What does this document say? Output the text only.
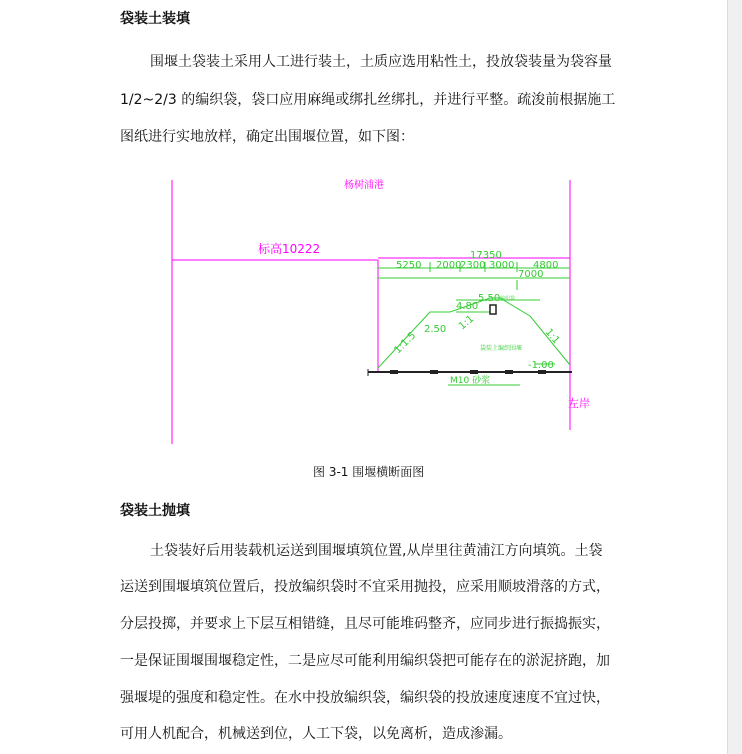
袋装土装填
围堰土袋装土采用人工进行装土，土质应选用粘性土，投放袋装量为袋容量
1/2~2/3 的编织袋，袋口应用麻绳或绑扎丝绑扎，并进行平整。疏浚前根据施工
图纸进行实地放样，确定出围堰位置，如下图：
杨树浦港
标高10222
左岸
17350
5250 2000
2300 3000 4800
7000
5.50
4.80
2.50
-1.00
1:1.5
1:1
1:1
袋装土编织围堰
编织袋
M10 砂浆
图 3-1 围堰横断面图
袋装土抛填
土袋装好后用装载机运送到围堰填筑位置,从岸里往黄浦江方向填筑。土袋
运送到围堰填筑位置后，投放编织袋时不宜采用抛投，应采用顺坡滑落的方式，
分层投掷，并要求上下层互相错缝，且尽可能堆码整齐，应同步进行振捣振实，
一是保证围堰围堰稳定性，二是应尽可能利用编织袋把可能存在的淤泥挤跑，加
强堰堤的强度和稳定性。在水中投放编织袋，编织袋的投放速度速度不宜过快，
可用人机配合，机械送到位，人工下袋，以免离析，造成渗漏。
